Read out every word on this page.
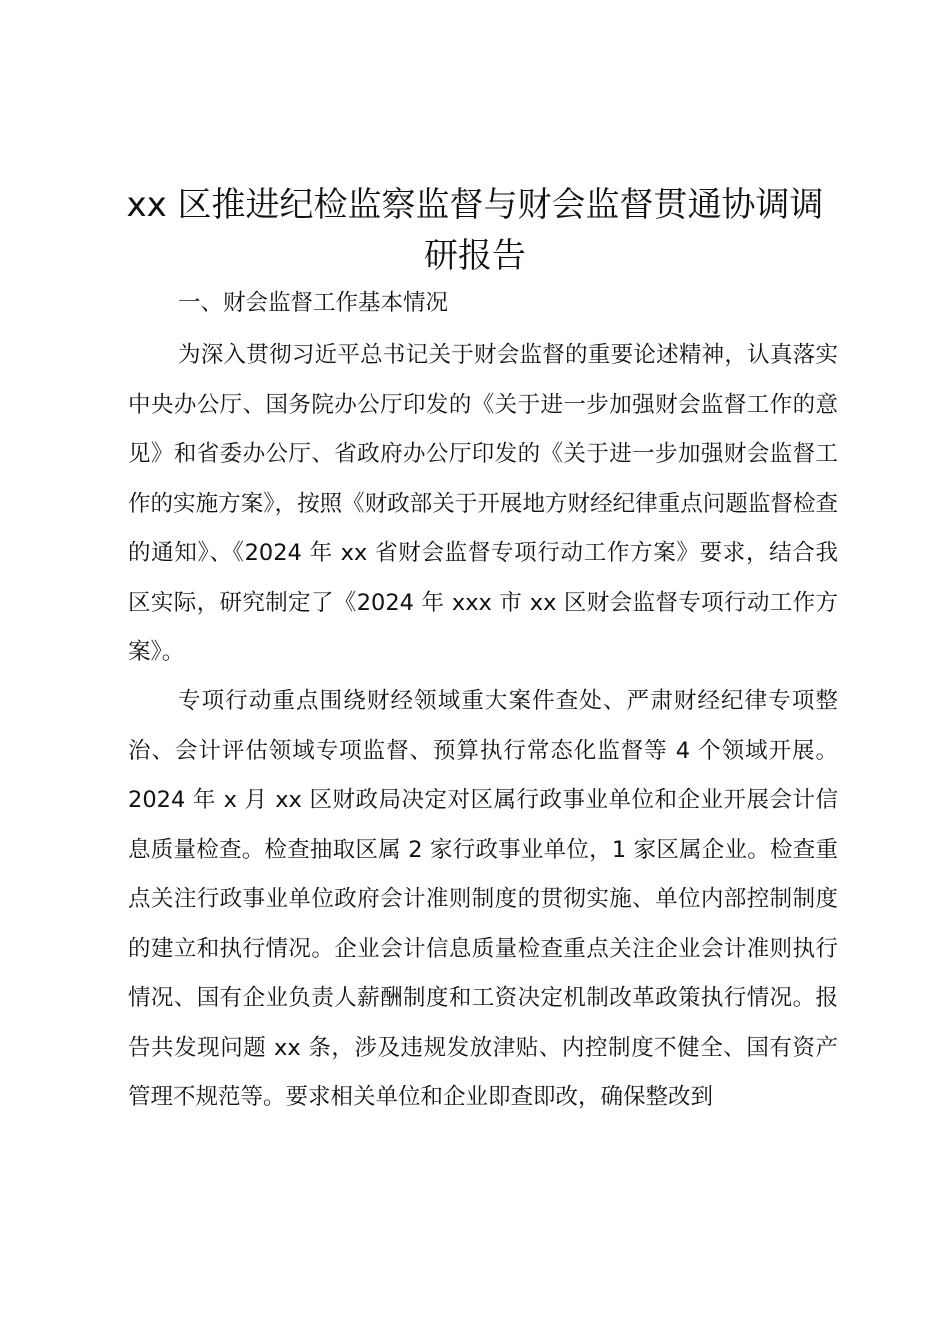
xx 区推进纪检监察监督与财会监督贯通协调调研报告

一、财会监督工作基本情况

为深入贯彻习近平总书记关于财会监督的重要论述精神，认真落实中央办公厅、国务院办公厅印发的《关于进一步加强财会监督工作的意见》和省委办公厅、省政府办公厅印发的《关于进一步加强财会监督工作的实施方案》，按照《财政部关于开展地方财经纪律重点问题监督检查的通知》、《2024 年 xx 省财会监督专项行动工作方案》要求，结合我区实际，研究制定了《2024 年 xxx 市 xx 区财会监督专项行动工作方案》。

专项行动重点围绕财经领域重大案件查处、严肃财经纪律专项整治、会计评估领域专项监督、预算执行常态化监督等 4 个领域开展。2024 年 x 月 xx 区财政局决定对区属行政事业单位和企业开展会计信息质量检查。检查抽取区属 2 家行政事业单位，1 家区属企业。检查重点关注行政事业单位政府会计准则制度的贯彻实施、单位内部控制制度的建立和执行情况。企业会计信息质量检查重点关注企业会计准则执行情况、国有企业负责人薪酬制度和工资决定机制改革政策执行情况。报告共发现问题 xx 条，涉及违规发放津贴、内控制度不健全、国有资产管理不规范等。要求相关单位和企业即查即改，确保整改到
